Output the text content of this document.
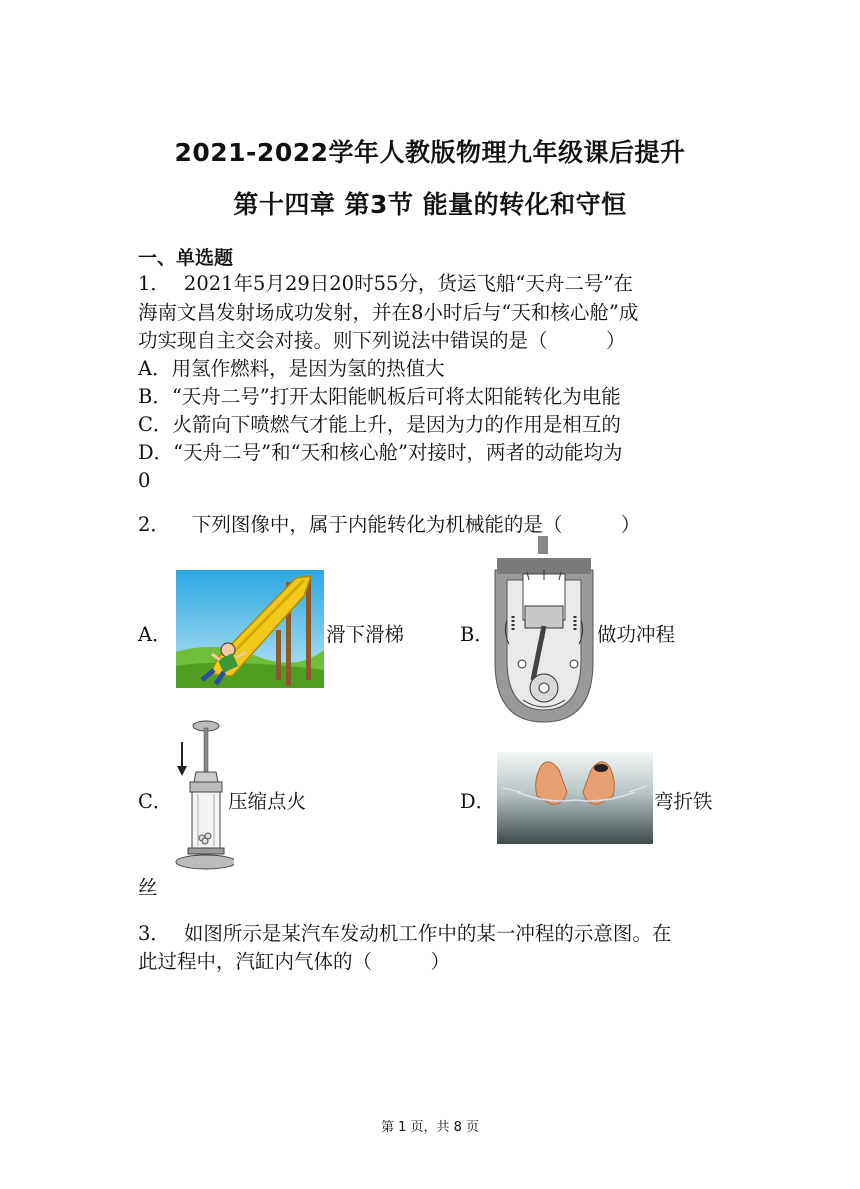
2021-2022学年人教版物理九年级课后提升
第十四章 第3节 能量的转化和守恒
一、单选题
1． 2021年5月29日20时55分，货运飞船“天舟二号”在
海南文昌发射场成功发射，并在8小时后与“天和核心舱”成
功实现自主交会对接。则下列说法中错误的是（　　　）
A．用氢作燃料，是因为氢的热值大
B．“天舟二号”打开太阳能帆板后可将太阳能转化为电能
C．火箭向下喷燃气才能上升，是因为力的作用是相互的
D．“天舟二号”和“天和核心舱”对接时，两者的动能均为
0
2． 下列图像中，属于内能转化为机械能的是（　　　）
A．	滑下滑梯	B．	做功冲程
C．	压缩点火	D．	弯折铁
丝
3． 如图所示是某汽车发动机工作中的某一冲程的示意图。在
此过程中，汽缸内气体的（　　　）
第 1 页，共 8 页
